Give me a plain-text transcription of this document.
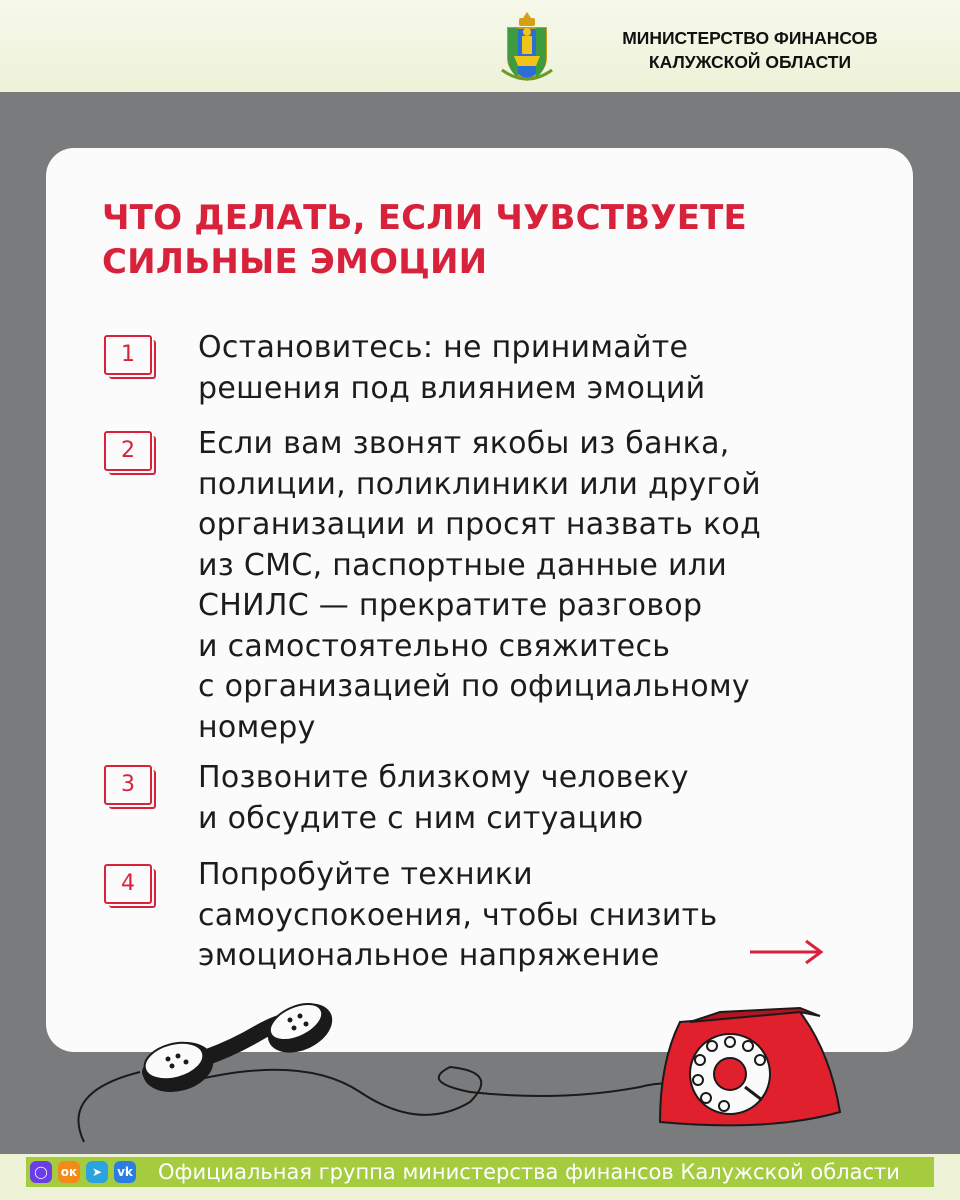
МИНИСТЕРСТВО ФИНАНСОВ
КАЛУЖСКОЙ ОБЛАСТИ
ЧТО ДЕЛАТЬ, ЕСЛИ ЧУВСТВУЕТЕ
СИЛЬНЫЕ ЭМОЦИИ
1	Остановитесь: не принимайте
решения под влиянием эмоций
2	Если вам звонят якобы из банка,
полиции, поликлиники или другой
организации и просят назвать код
из СМС, паспортные данные или
СНИЛС — прекратите разговор
и самостоятельно свяжитесь
с организацией по официальному
номеру
3	Позвоните близкому человеку
и обсудите с ним ситуацию
4	Попробуйте техники
самоуспокоения, чтобы снизить
эмоциональное напряжение
◯	ок	➤	vk Официальная группа министерства финансов Калужской области
